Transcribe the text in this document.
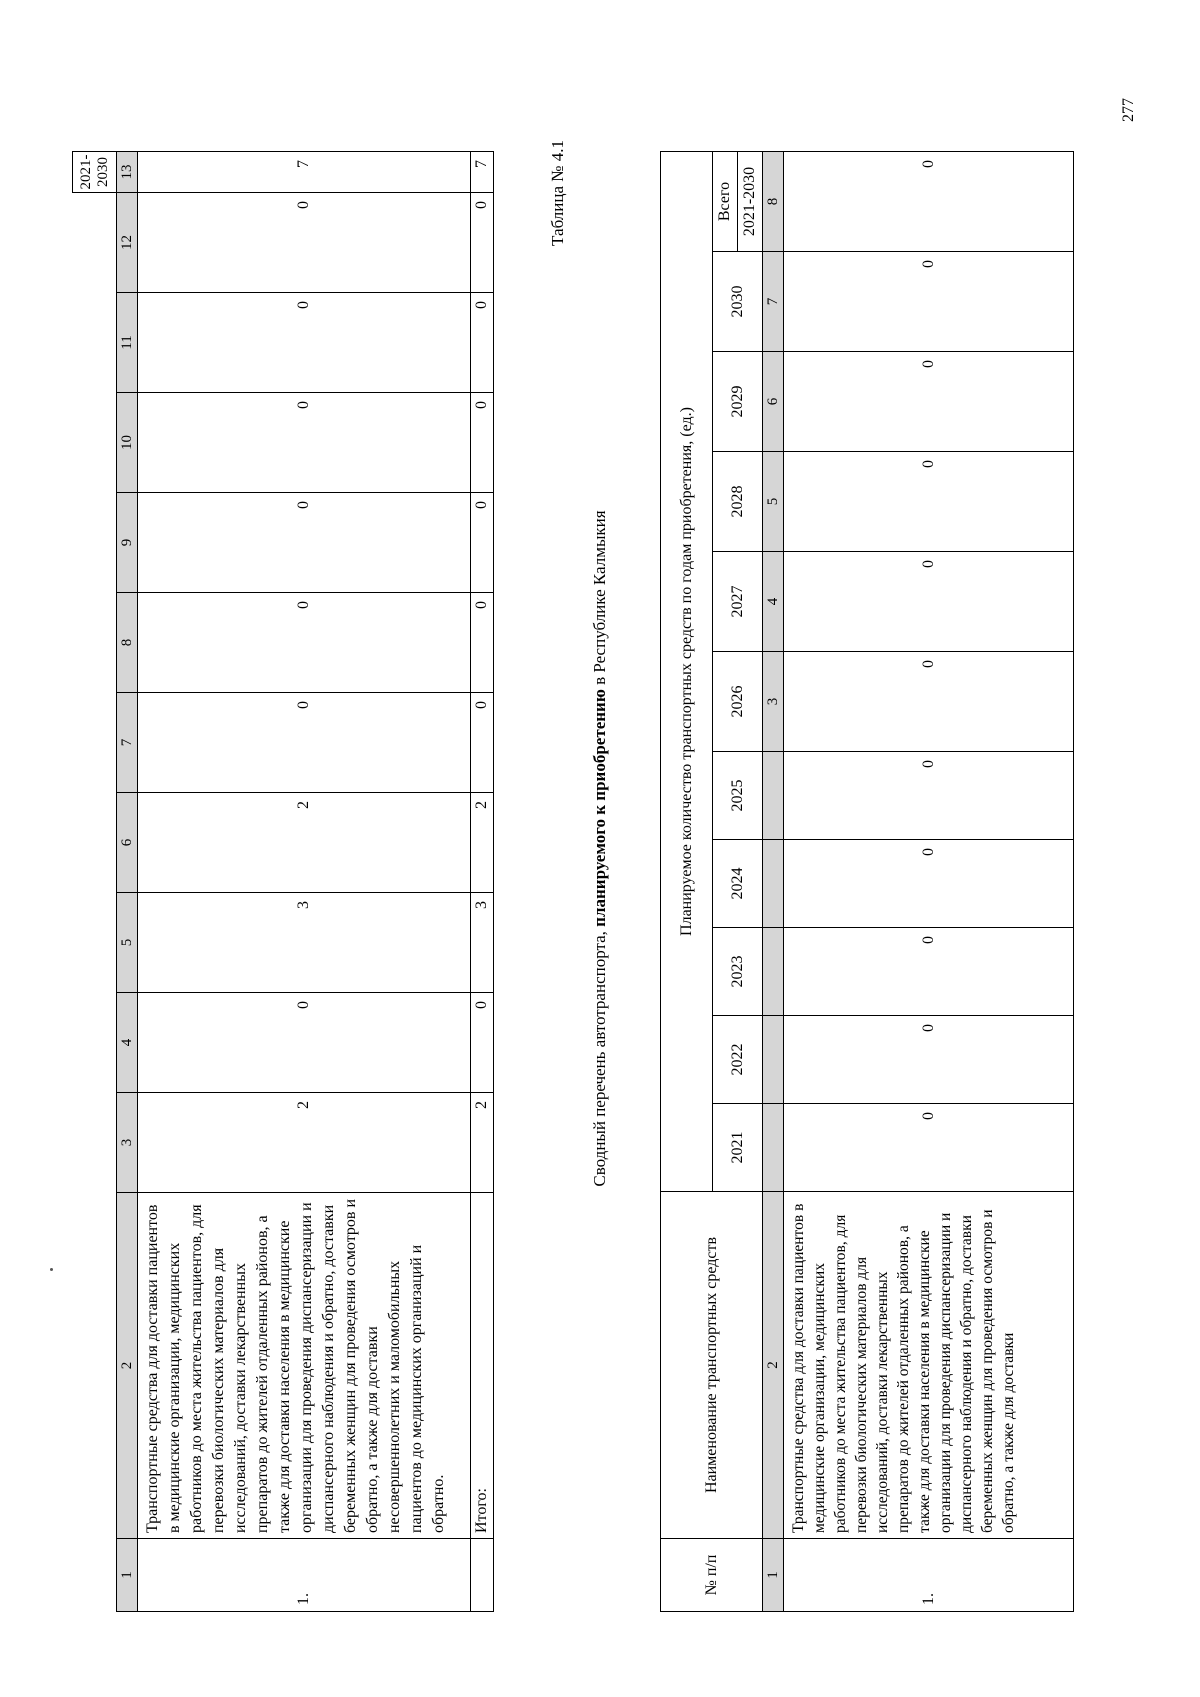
												2021-
2030
1	2	3	4	5	6	7	8	9	10	11	12	13
1.	Транспортные средства для доставки пациентов в медицинские организации, медицинских работников до места жительства пациентов, для перевозки биологических материалов для исследований, доставки лекарственных препаратов до жителей отдаленных районов, а также для доставки населения в медицинские организации для проведения диспансеризации и диспансерного наблюдения и обратно, доставки беременных женщин для проведения осмотров и обратно, а также для доставки несовершеннолетних и маломобильных пациентов до медицинских организаций и обратно.	2	0	3	2	0	0	0	0	0	0	7
	Итого:	2	0	3	2	0	0	0	0	0	0	7	Таблица № 4.1
Сводный перечень автотранспорта, планируемого к приобретению в Республике Калмыкия
№ п/п	Наименование транспортных средств	Планируемое количество транспортных средств по годам приобретения, (ед.)										
		2021	2022	2023	2024	2025	2026	2027	2028	2029	2030	Всего 2021-2030

1	2						3	4	5	6	7	8
1.	Транспортные средства для доставки пациентов в медицинские организации, медицинских работников до места жительства пациентов, для перевозки биологических материалов для исследований, доставки лекарственных препаратов до жителей отдаленных районов, а также для доставки населения в медицинские организации для проведения диспансеризации и диспансерного наблюдения и обратно, доставки беременных женщин для проведения осмотров и обратно, а также для доставки	0	0	0	0	0	0	0	0	0	0	0
277
